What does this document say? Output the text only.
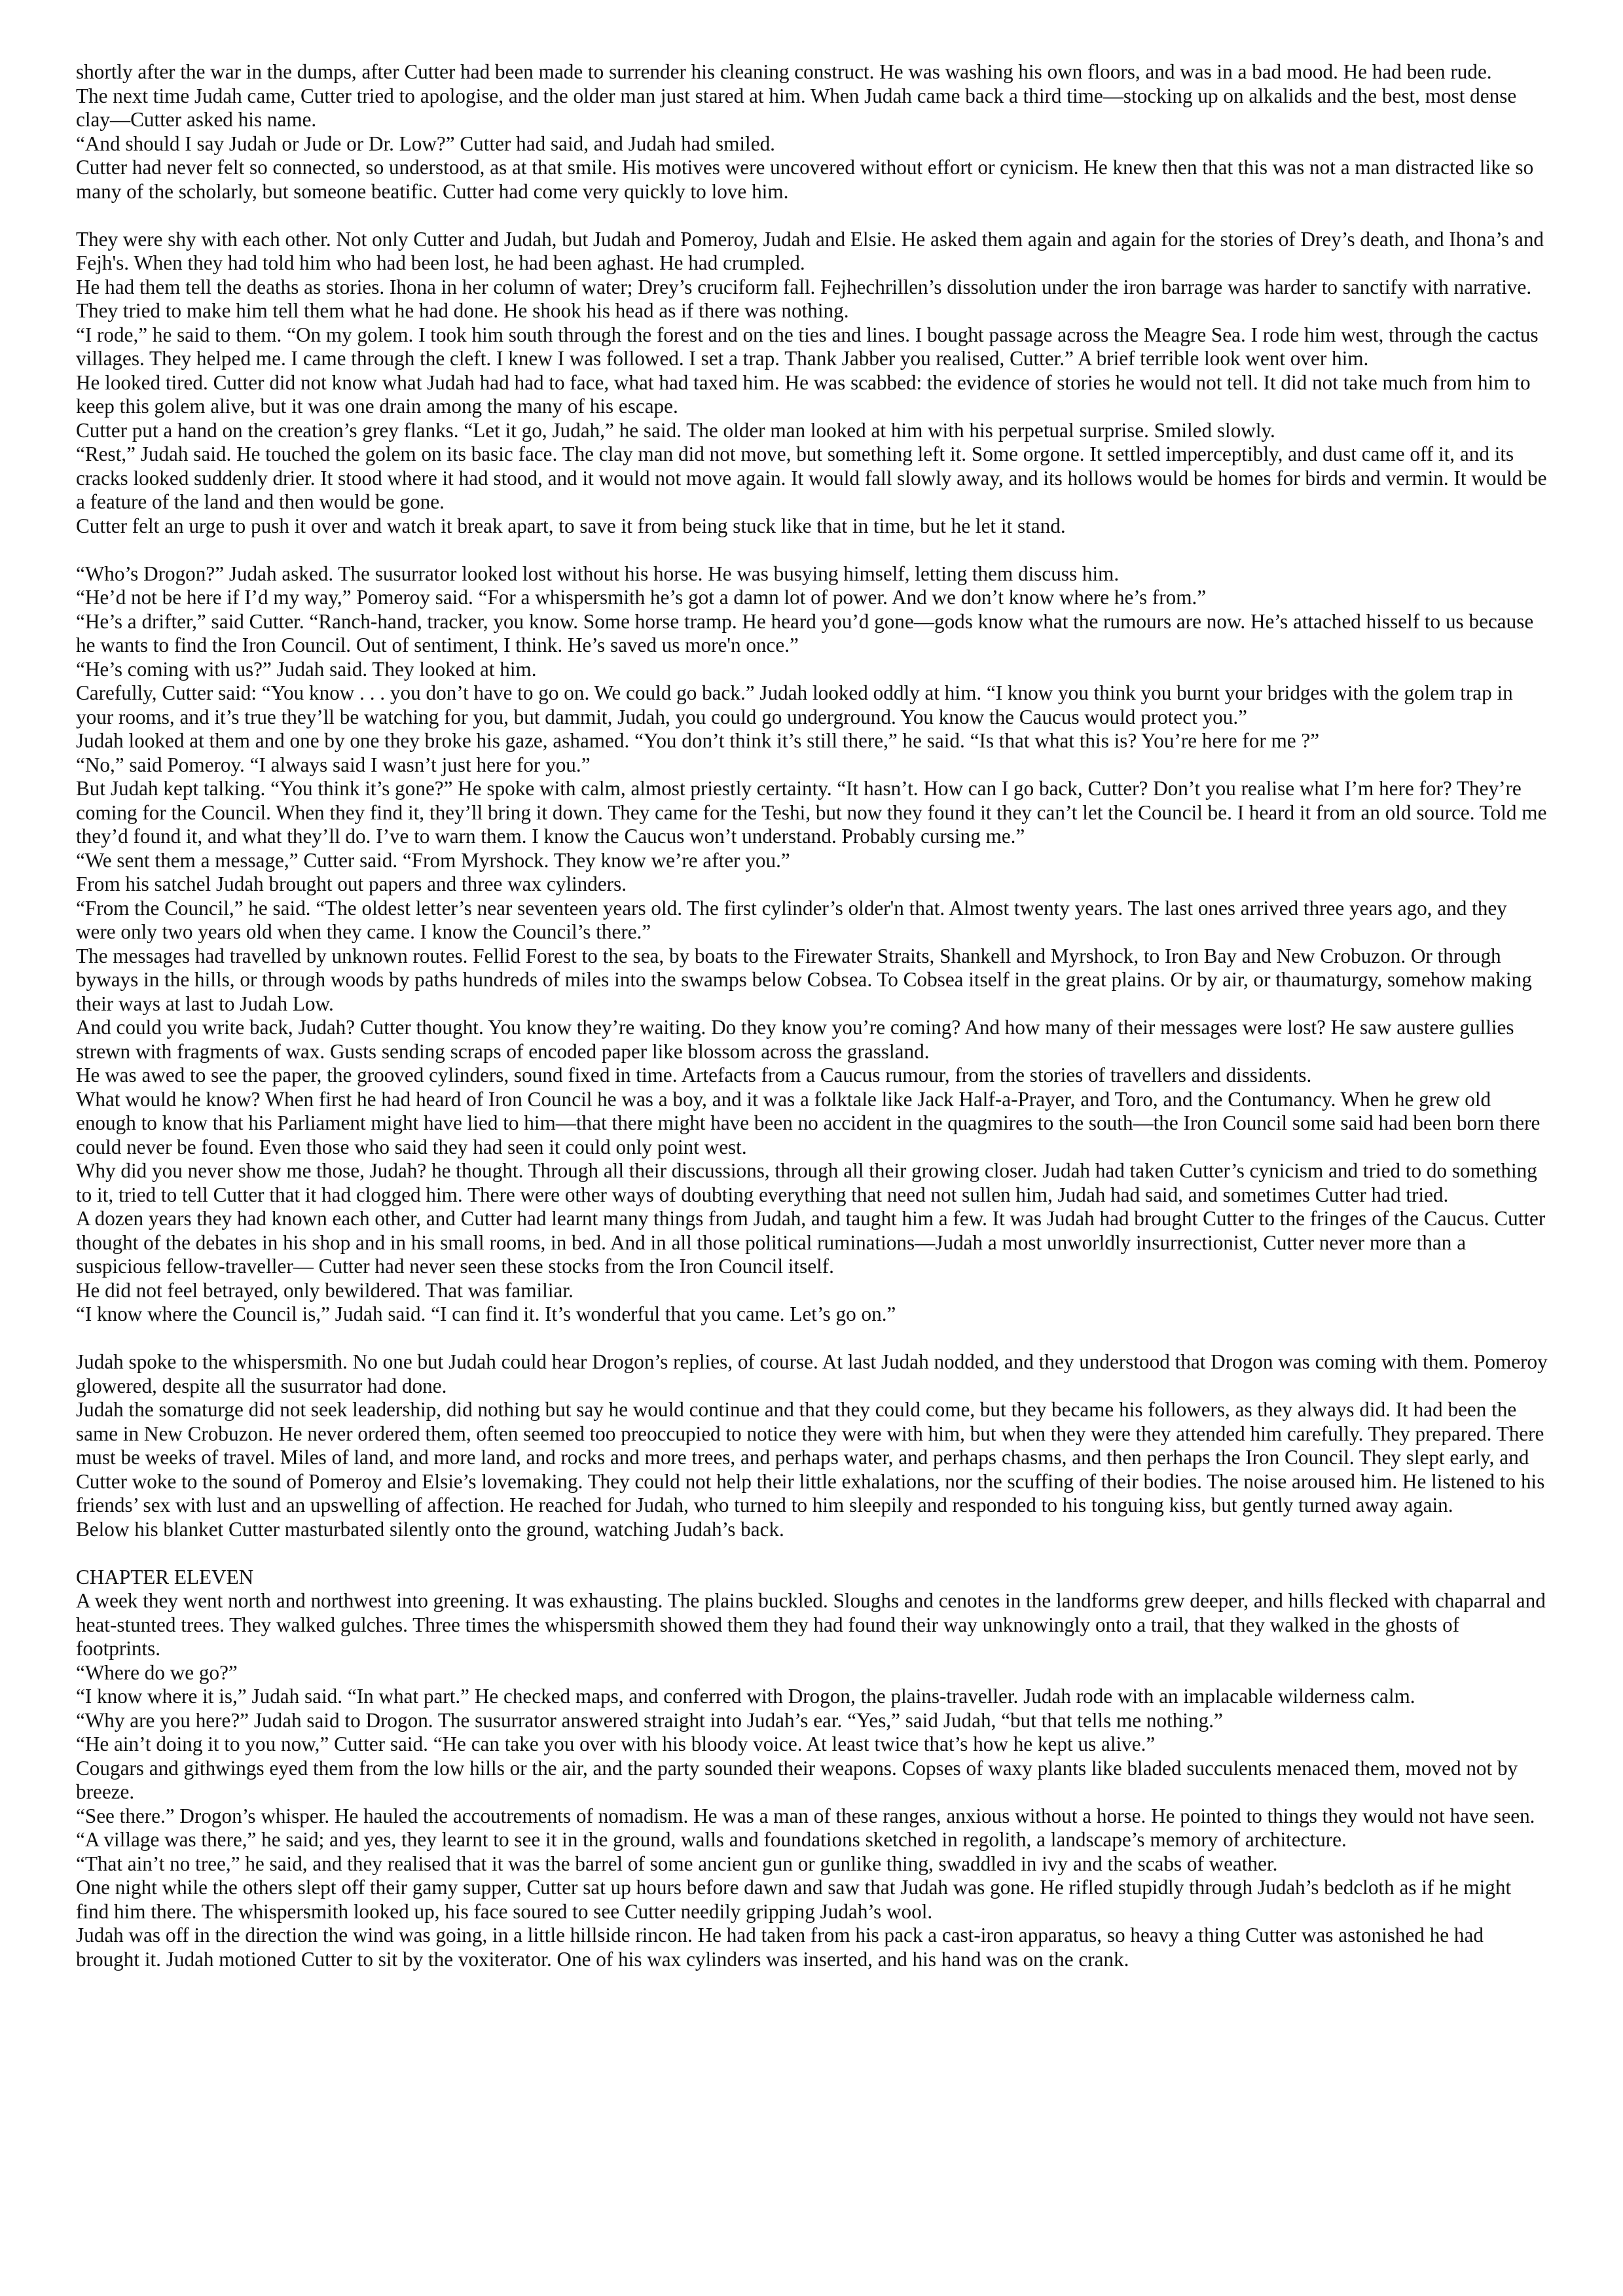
shortly after the war in the dumps, after Cutter had been made to surrender his cleaning construct. He was washing his own floors, and was in a bad mood. He had been rude.

The next time Judah came, Cutter tried to apologise, and the older man just stared at him. When Judah came back a third time—stocking up on alkalids and the best, most dense clay—Cutter asked his name.

“And should I say Judah or Jude or Dr. Low?” Cutter had said, and Judah had smiled.

Cutter had never felt so connected, so understood, as at that smile. His motives were uncovered without effort or cynicism. He knew then that this was not a man distracted like so many of the scholarly, but someone beatific. Cutter had come very quickly to love him.

They were shy with each other. Not only Cutter and Judah, but Judah and Pomeroy, Judah and Elsie. He asked them again and again for the stories of Drey’s death, and Ihona’s and Fejh's. When they had told him who had been lost, he had been aghast. He had crumpled.

He had them tell the deaths as stories. Ihona in her column of water; Drey’s cruciform fall. Fejhechrillen’s dissolution under the iron barrage was harder to sanctify with narrative.

They tried to make him tell them what he had done. He shook his head as if there was nothing.

“I rode,” he said to them. “On my golem. I took him south through the forest and on the ties and lines. I bought passage across the Meagre Sea. I rode him west, through the cactus villages. They helped me. I came through the cleft. I knew I was followed. I set a trap. Thank Jabber you realised, Cutter.” A brief terrible look went over him.

He looked tired. Cutter did not know what Judah had had to face, what had taxed him. He was scabbed: the evidence of stories he would not tell. It did not take much from him to keep this golem alive, but it was one drain among the many of his escape.

Cutter put a hand on the creation’s grey flanks. “Let it go, Judah,” he said. The older man looked at him with his perpetual surprise. Smiled slowly.

“Rest,” Judah said. He touched the golem on its basic face. The clay man did not move, but something left it. Some orgone. It settled imperceptibly, and dust came off it, and its cracks looked suddenly drier. It stood where it had stood, and it would not move again. It would fall slowly away, and its hollows would be homes for birds and vermin. It would be a feature of the land and then would be gone.

Cutter felt an urge to push it over and watch it break apart, to save it from being stuck like that in time, but he let it stand.

“Who’s Drogon?” Judah asked. The susurrator looked lost without his horse. He was busying himself, letting them discuss him.

“He’d not be here if I’d my way,” Pomeroy said. “For a whispersmith he’s got a damn lot of power. And we don’t know where he’s from.”

“He’s a drifter,” said Cutter. “Ranch-hand, tracker, you know. Some horse tramp. He heard you’d gone—gods know what the rumours are now. He’s attached hisself to us because he wants to find the Iron Council. Out of sentiment, I think. He’s saved us more'n once.”

“He’s coming with us?” Judah said. They looked at him.

Carefully, Cutter said: “You know . . . you don’t have to go on. We could go back.” Judah looked oddly at him. “I know you think you burnt your bridges with the golem trap in your rooms, and it’s true they’ll be watching for you, but dammit, Judah, you could go underground. You know the Caucus would protect you.”

Judah looked at them and one by one they broke his gaze, ashamed. “You don’t think it’s still there,” he said. “Is that what this is? You’re here for me ?”

“No,” said Pomeroy. “I always said I wasn’t just here for you.”

But Judah kept talking. “You think it’s gone?” He spoke with calm, almost priestly certainty. “It hasn’t. How can I go back, Cutter? Don’t you realise what I’m here for? They’re coming for the Council. When they find it, they’ll bring it down. They came for the Teshi, but now they found it they can’t let the Council be. I heard it from an old source. Told me they’d found it, and what they’ll do. I’ve to warn them. I know the Caucus won’t understand. Probably cursing me.”

“We sent them a message,” Cutter said. “From Myrshock. They know we’re after you.”

From his satchel Judah brought out papers and three wax cylinders.

“From the Council,” he said. “The oldest letter’s near seventeen years old. The first cylinder’s older'n that. Almost twenty years. The last ones arrived three years ago, and they were only two years old when they came. I know the Council’s there.”

The messages had travelled by unknown routes. Fellid Forest to the sea, by boats to the Firewater Straits, Shankell and Myrshock, to Iron Bay and New Crobuzon. Or through byways in the hills, or through woods by paths hundreds of miles into the swamps below Cobsea. To Cobsea itself in the great plains. Or by air, or thaumaturgy, somehow making their ways at last to Judah Low.

And could you write back, Judah? Cutter thought. You know they’re waiting. Do they know you’re coming? And how many of their messages were lost? He saw austere gullies strewn with fragments of wax. Gusts sending scraps of encoded paper like blossom across the grassland.

He was awed to see the paper, the grooved cylinders, sound fixed in time. Artefacts from a Caucus rumour, from the stories of travellers and dissidents.

What would he know? When first he had heard of Iron Council he was a boy, and it was a folktale like Jack Half-a-Prayer, and Toro, and the Contumancy. When he grew old enough to know that his Parliament might have lied to him—that there might have been no accident in the quagmires to the south—the Iron Council some said had been born there could never be found. Even those who said they had seen it could only point west.

Why did you never show me those, Judah? he thought. Through all their discussions, through all their growing closer. Judah had taken Cutter’s cynicism and tried to do something to it, tried to tell Cutter that it had clogged him. There were other ways of doubting everything that need not sullen him, Judah had said, and sometimes Cutter had tried.

A dozen years they had known each other, and Cutter had learnt many things from Judah, and taught him a few. It was Judah had brought Cutter to the fringes of the Caucus. Cutter thought of the debates in his shop and in his small rooms, in bed. And in all those political ruminations—Judah a most unworldly insurrectionist, Cutter never more than a suspicious fellow-traveller— Cutter had never seen these stocks from the Iron Council itself.

He did not feel betrayed, only bewildered. That was familiar.

“I know where the Council is,” Judah said. “I can find it. It’s wonderful that you came. Let’s go on.”

Judah spoke to the whispersmith. No one but Judah could hear Drogon’s replies, of course. At last Judah nodded, and they understood that Drogon was coming with them. Pomeroy glowered, despite all the susurrator had done.

Judah the somaturge did not seek leadership, did nothing but say he would continue and that they could come, but they became his followers, as they always did. It had been the same in New Crobuzon. He never ordered them, often seemed too preoccupied to notice they were with him, but when they were they attended him carefully. They prepared. There must be weeks of travel. Miles of land, and more land, and rocks and more trees, and perhaps water, and perhaps chasms, and then perhaps the Iron Council. They slept early, and Cutter woke to the sound of Pomeroy and Elsie’s lovemaking. They could not help their little exhalations, nor the scuffing of their bodies. The noise aroused him. He listened to his friends’ sex with lust and an upswelling of affection. He reached for Judah, who turned to him sleepily and responded to his tonguing kiss, but gently turned away again.

Below his blanket Cutter masturbated silently onto the ground, watching Judah’s back.

CHAPTER ELEVEN

A week they went north and northwest into greening. It was exhausting. The plains buckled. Sloughs and cenotes in the landforms grew deeper, and hills flecked with chaparral and heat-stunted trees. They walked gulches. Three times the whispersmith showed them they had found their way unknowingly onto a trail, that they walked in the ghosts of footprints.

“Where do we go?”

“I know where it is,” Judah said. “In what part.” He checked maps, and conferred with Drogon, the plains-traveller. Judah rode with an implacable wilderness calm.

“Why are you here?” Judah said to Drogon. The susurrator answered straight into Judah’s ear. “Yes,” said Judah, “but that tells me nothing.”

“He ain’t doing it to you now,” Cutter said. “He can take you over with his bloody voice. At least twice that’s how he kept us alive.”

Cougars and githwings eyed them from the low hills or the air, and the party sounded their weapons. Copses of waxy plants like bladed succulents menaced them, moved not by breeze.

“See there.” Drogon’s whisper. He hauled the accoutrements of nomadism. He was a man of these ranges, anxious without a horse. He pointed to things they would not have seen. “A village was there,” he said; and yes, they learnt to see it in the ground, walls and foundations sketched in regolith, a landscape’s memory of architecture.

“That ain’t no tree,” he said, and they realised that it was the barrel of some ancient gun or gunlike thing, swaddled in ivy and the scabs of weather.

One night while the others slept off their gamy supper, Cutter sat up hours before dawn and saw that Judah was gone. He rifled stupidly through Judah’s bedcloth as if he might find him there. The whispersmith looked up, his face soured to see Cutter needily gripping Judah’s wool.

Judah was off in the direction the wind was going, in a little hillside rincon. He had taken from his pack a cast-iron apparatus, so heavy a thing Cutter was astonished he had brought it. Judah motioned Cutter to sit by the voxiterator. One of his wax cylinders was inserted, and his hand was on the crank.
